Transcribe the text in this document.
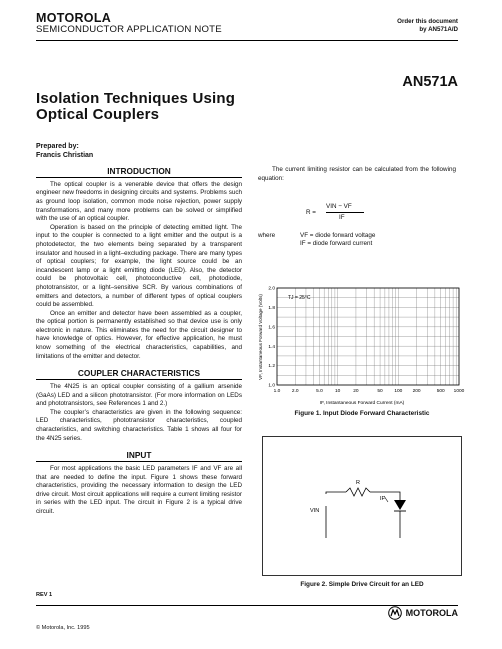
MOTOROLA
SEMICONDUCTOR APPLICATION NOTE
Order this document
by AN571A/D
AN571A
Isolation Techniques Using
Optical Couplers
Prepared by:
Francis Christian
INTRODUCTION

The optical coupler is a venerable device that offers the design engineer new freedoms in designing circuits and systems. Problems such as ground loop isolation, common mode noise rejection, power supply transformations, and many more problems can be solved or simplified with the use of an optical coupler.

Operation is based on the principle of detecting emitted light. The input to the coupler is connected to a light emitter and the output is a photodetector, the two elements being separated by a transparent insulator and housed in a light–excluding package. There are many types of optical couplers; for example, the light source could be an incandescent lamp or a light emitting diode (LED). Also, the detector could be photovoltaic cell, photoconductive cell, photodiode, phototransistor, or a light–sensitive SCR. By various combinations of emitters and detectors, a number of different types of optical couplers could be assembled.

Once an emitter and detector have been assembled as a coupler, the optical portion is permanently established so that device use is only electronic in nature. This eliminates the need for the circuit designer to have knowledge of optics. However, for effective application, he must know something of the electrical characteristics, capabilities, and limitations of the emitter and detector.

COUPLER CHARACTERISTICS

The 4N25 is an optical coupler consisting of a gallium arsenide (GaAs) LED and a silicon phototransistor. (For more information on LEDs and phototransistors, see References 1 and 2.)

The coupler’s characteristics are given in the following sequence: LED characteristics, phototransistor characteristics, coupled characteristics, and switching characteristics. Table 1 shows all four for the 4N25 series.

INPUT

For most applications the basic LED parameters IF and VF are all that are needed to define the input. Figure 1 shows these forward characteristics, providing the necessary information to design the LED drive circuit. Most circuit applications will require a current limiting resistor in series with the LED input. The circuit in Figure 2 is a typical drive circuit.

The current limiting resistor can be calculated from the following equation:

R =
VIN − VF
IF
where	VF = diode forward voltage
IF = diode forward current
1.0
1.2
1.4
1.6
1.8
2.0
1.0 2.0	5.0	10	20	50 100 200	500 1000
TJ = 25°C
IF, Instantaneous Forward Current (mA)
VF, Instantaneous Forward Voltage (Volts)
Figure 1. Input Diode Forward Characteristic
R
IF
VIN
Figure 2. Simple Drive Circuit for an LED
REV 1
© Motorola, Inc. 1995
MOTOROLA
